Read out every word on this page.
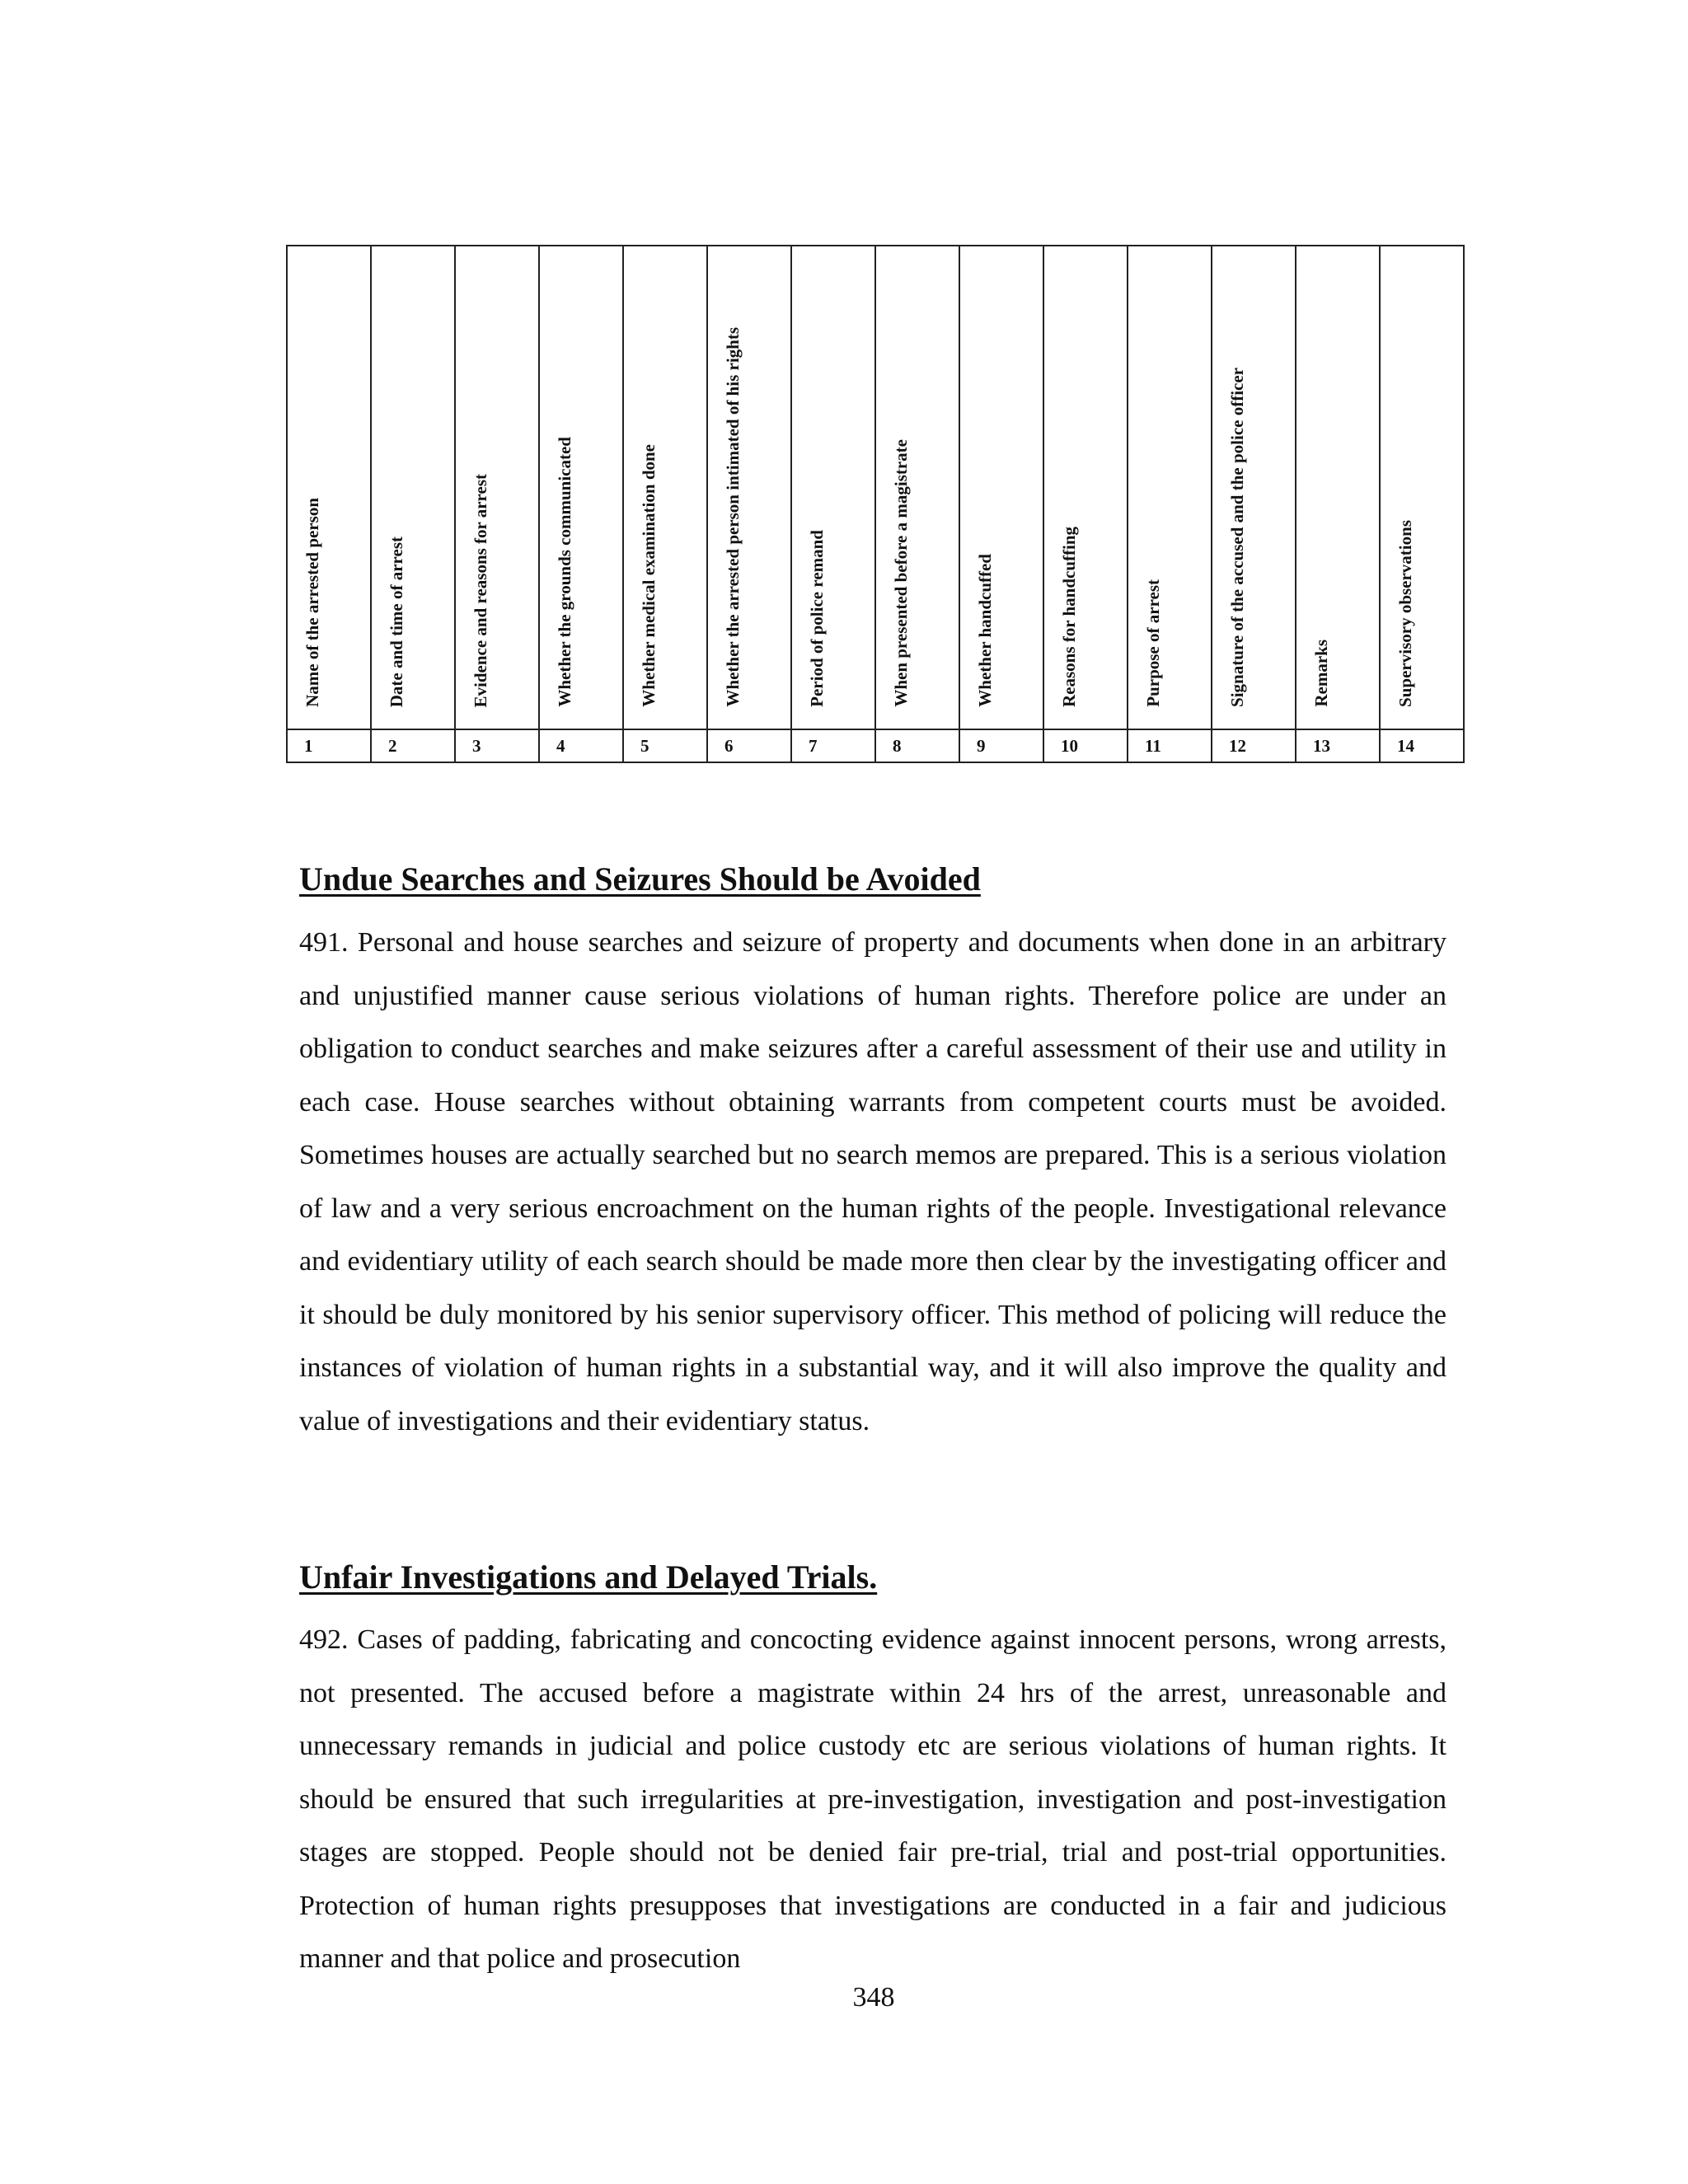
Name of the arrested person	Date and time of arrest	Evidence and reasons for arrest	Whether the grounds communicated	Whether medical examination done	Whether the arrested person intimated of his rights	Period of police remand	When presented before a magistrate	Whether handcuffed	Reasons for handcuffing	Purpose of arrest	Signature of the accused and the police officer	Remarks	Supervisory observations
1	2	3	4	5	6	7	8	9	10	11	12	13	14
Undue Searches and Seizures Should be Avoided

491. Personal and house searches and seizure of property and documents when done in an arbitrary and unjustified manner cause serious violations of human rights. Therefore police are under an obligation to conduct searches and make seizures after a careful assessment of their use and utility in each case. House searches without obtaining warrants from competent courts must be avoided. Sometimes houses are actually searched but no search memos are prepared. This is a serious violation of law and a very serious encroachment on the human rights of the people. Investigational relevance and evidentiary utility of each search should be made more then clear by the investigating officer and it should be duly monitored by his senior supervisory officer. This method of policing will reduce the instances of violation of human rights in a substantial way, and it will also improve the quality and value of investigations and their evidentiary status.

Unfair Investigations and Delayed Trials.

492. Cases of padding, fabricating and concocting evidence against innocent persons, wrong arrests, not presented. The accused before a magistrate within 24 hrs of the arrest, unreasonable and unnecessary remands in judicial and police custody etc are serious violations of human rights. It should be ensured that such irregularities at pre-investigation, investigation and post-investigation stages are stopped. People should not be denied fair pre-trial, trial and post-trial opportunities. Protection of human rights presupposes that investigations are conducted in a fair and judicious manner and that police and prosecution

348
